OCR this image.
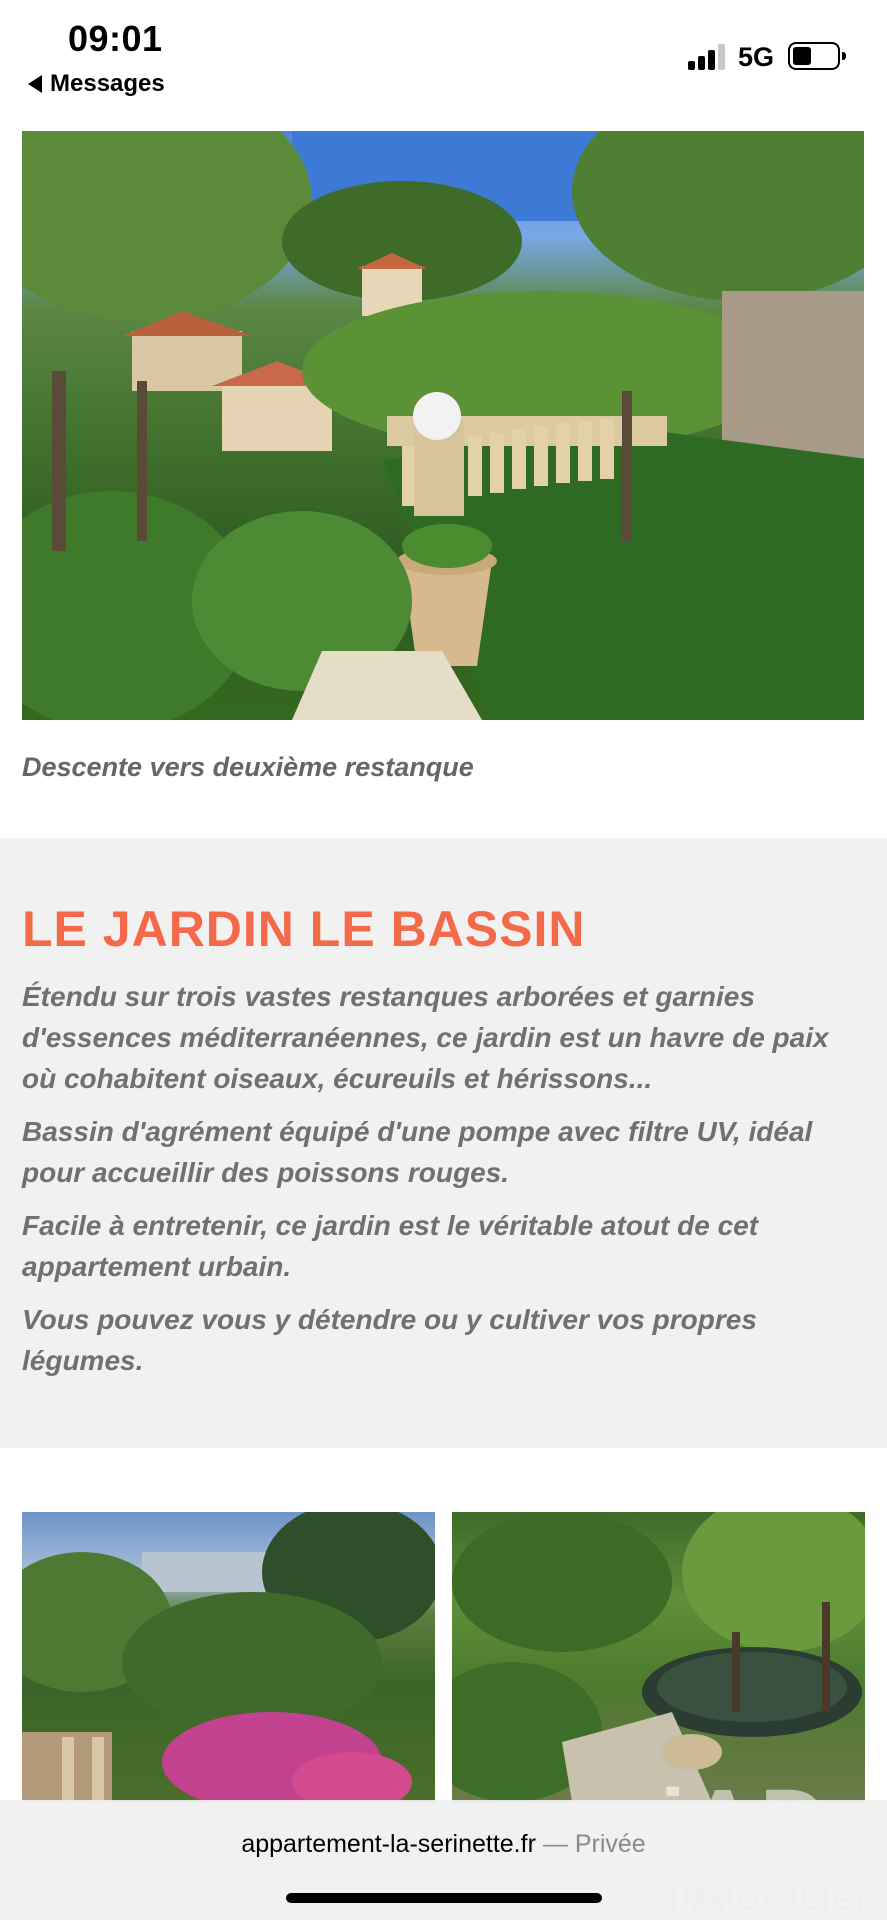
09:01
Messages
5G
Descente vers deuxième restanque
LE JARDIN LE BASSIN

Étendu sur trois vastes restanques arborées et garnies d'essences méditerranéennes, ce jardin est un havre de paix où cohabitent oiseaux, écureuils et hérissons...

Bassin d'agrément équipé d'une pompe avec filtre UV, idéal pour accueillir des poissons rouges.

Facile à entretenir, ce jardin est le véritable atout de cet appartement urbain.

Vous pouvez vous y détendre ou y cultiver vos propres légumes.

appartement-la-serinette.fr — Privée
